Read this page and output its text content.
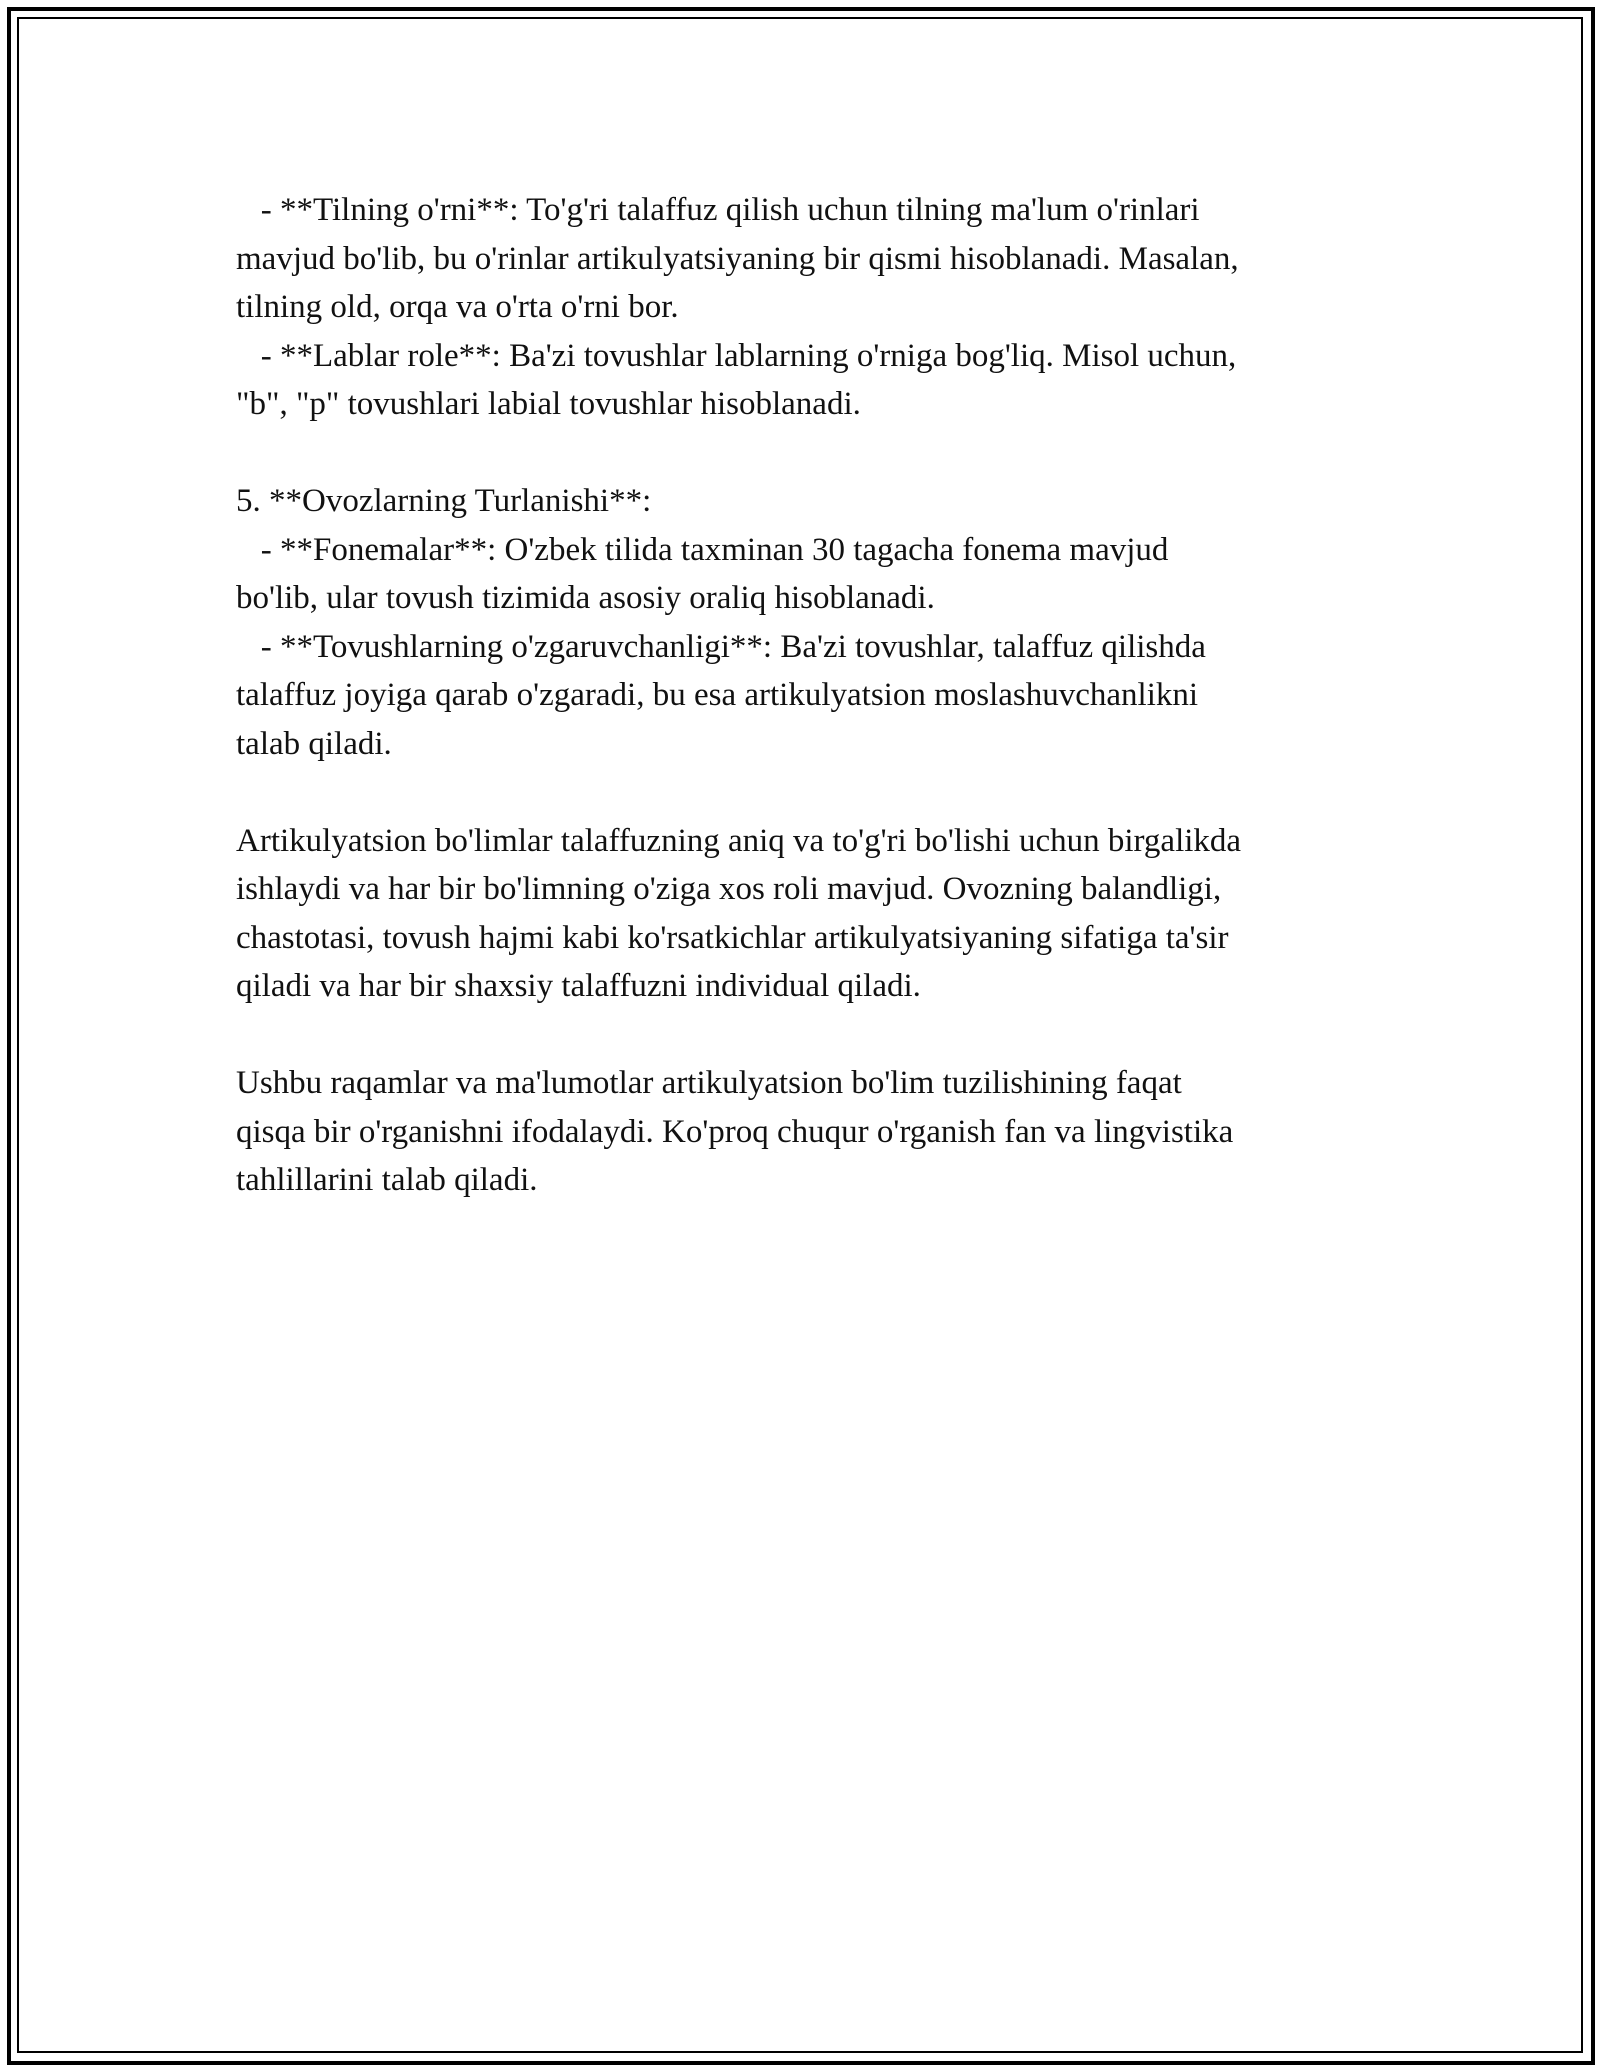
- **Tilning o'rni**: To'g'ri talaffuz qilish uchun tilning ma'lum o'rinlari
mavjud bo'lib, bu o'rinlar artikulyatsiyaning bir qismi hisoblanadi. Masalan,
tilning old, orqa va o'rta o'rni bor.
- **Lablar role**: Ba'zi tovushlar lablarning o'rniga bog'liq. Misol uchun,
"b", "p" tovushlari labial tovushlar hisoblanadi.
5. **Ovozlarning Turlanishi**:
- **Fonemalar**: O'zbek tilida taxminan 30 tagacha fonema mavjud
bo'lib, ular tovush tizimida asosiy oraliq hisoblanadi.
- **Tovushlarning o'zgaruvchanligi**: Ba'zi tovushlar, talaffuz qilishda
talaffuz joyiga qarab o'zgaradi, bu esa artikulyatsion moslashuvchanlikni
talab qiladi.
Artikulyatsion bo'limlar talaffuzning aniq va to'g'ri bo'lishi uchun birgalikda
ishlaydi va har bir bo'limning o'ziga xos roli mavjud. Ovozning balandligi,
chastotasi, tovush hajmi kabi ko'rsatkichlar artikulyatsiyaning sifatiga ta'sir
qiladi va har bir shaxsiy talaffuzni individual qiladi.
Ushbu raqamlar va ma'lumotlar artikulyatsion bo'lim tuzilishining faqat
qisqa bir o'rganishni ifodalaydi. Ko'proq chuqur o'rganish fan va lingvistika
tahlillarini talab qiladi.
